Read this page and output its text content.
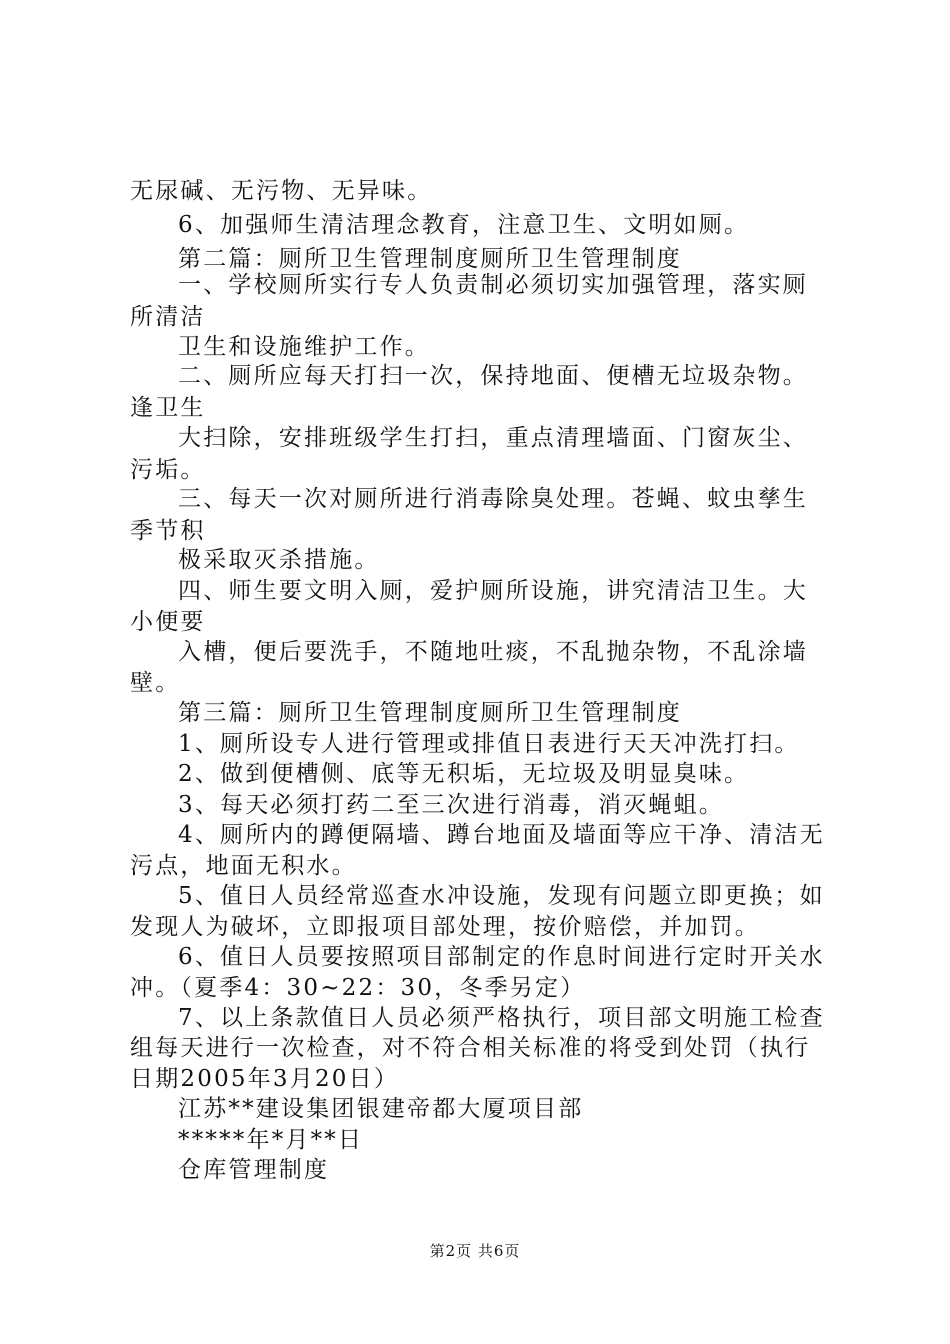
无尿碱、无污物、无异味。
6、加强师生清洁理念教育，注意卫生、文明如厕。
第二篇：厕所卫生管理制度厕所卫生管理制度
一、学校厕所实行专人负责制必须切实加强管理，落实厕
所清洁
卫生和设施维护工作。
二、厕所应每天打扫一次，保持地面、便槽无垃圾杂物。
逢卫生
大扫除，安排班级学生打扫，重点清理墙面、门窗灰尘、
污垢。
三、每天一次对厕所进行消毒除臭处理。苍蝇、蚊虫孳生
季节积
极采取灭杀措施。
四、师生要文明入厕，爱护厕所设施，讲究清洁卫生。大
小便要
入槽，便后要洗手，不随地吐痰，不乱抛杂物，不乱涂墙
壁。
第三篇：厕所卫生管理制度厕所卫生管理制度
1、厕所设专人进行管理或排值日表进行天天冲洗打扫。
2、做到便槽侧、底等无积垢，无垃圾及明显臭味。
3、每天必须打药二至三次进行消毒，消灭蝇蛆。
4、厕所内的蹲便隔墙、蹲台地面及墙面等应干净、清洁无
污点，地面无积水。
5、值日人员经常巡查水冲设施，发现有问题立即更换；如
发现人为破坏，立即报项目部处理，按价赔偿，并加罚。
6、值日人员要按照项目部制定的作息时间进行定时开关水
冲。（夏季4：30~22：30，冬季另定）
7、以上条款值日人员必须严格执行，项目部文明施工检查
组每天进行一次检查，对不符合相关标准的将受到处罚（执行
日期2005年3月20日）
江苏**建设集团银建帝都大厦项目部
*****年*月**日
仓库管理制度
第2页 共6页
